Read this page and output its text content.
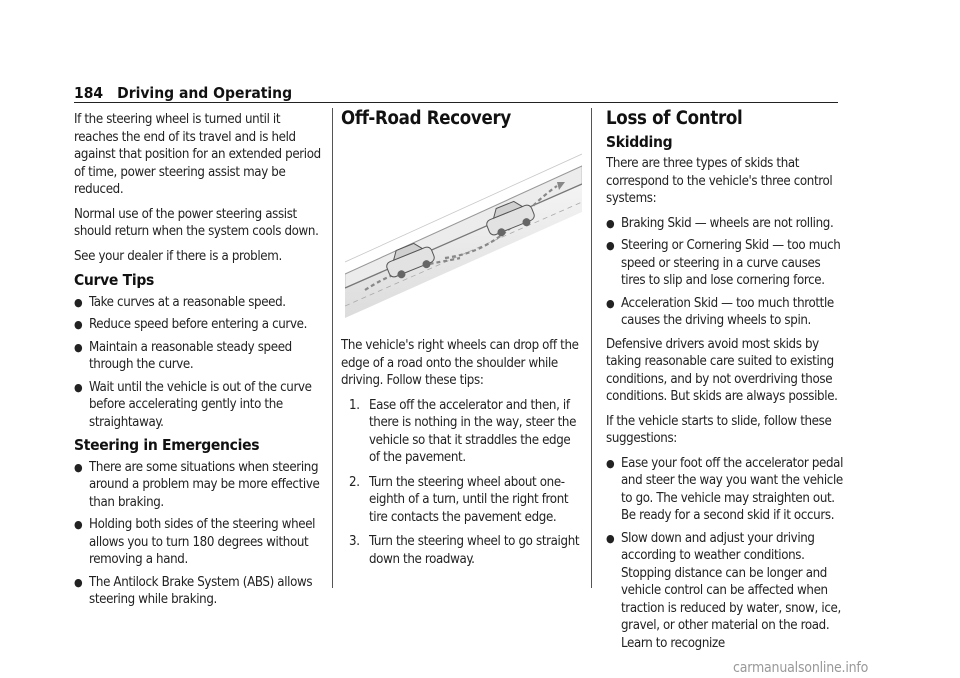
184 Driving and Operating

If the steering wheel is turned until it reaches the end of its travel and is held against that position for an extended period of time, power steering assist may be reduced.

Normal use of the power steering assist should return when the system cools down.

See your dealer if there is a problem.

Curve Tips
● Take curves at a reasonable speed.
● Reduce speed before entering a curve.
● Maintain a reasonable steady speed through the curve.
● Wait until the vehicle is out of the curve before accelerating gently into the straightaway.
Steering in Emergencies
● There are some situations when steering around a problem may be more effective than braking.
● Holding both sides of the steering wheel allows you to turn 180 degrees without removing a hand.
● The Antilock Brake System (ABS) allows steering while braking.
Off-Road Recovery

The vehicle's right wheels can drop off the edge of a road onto the shoulder while driving. Follow these tips:

1. Ease off the accelerator and then, if there is nothing in the way, steer the vehicle so that it straddles the edge of the pavement.
2. Turn the steering wheel about one-eighth of a turn, until the right front tire contacts the pavement edge.
3. Turn the steering wheel to go straight down the roadway.
Loss of Control
Skidding

There are three types of skids that correspond to the vehicle's three control systems:

● Braking Skid — wheels are not rolling.
● Steering or Cornering Skid — too much speed or steering in a curve causes tires to slip and lose cornering force.
● Acceleration Skid — too much throttle causes the driving wheels to spin.

Defensive drivers avoid most skids by taking reasonable care suited to existing conditions, and by not overdriving those conditions. But skids are always possible.

If the vehicle starts to slide, follow these suggestions:

● Ease your foot off the accelerator pedal and steer the way you want the vehicle to go. The vehicle may straighten out. Be ready for a second skid if it occurs.
● Slow down and adjust your driving according to weather conditions. Stopping distance can be longer and vehicle control can be affected when traction is reduced by water, snow, ice, gravel, or other material on the road. Learn to recognize
carmanualsonline.info
